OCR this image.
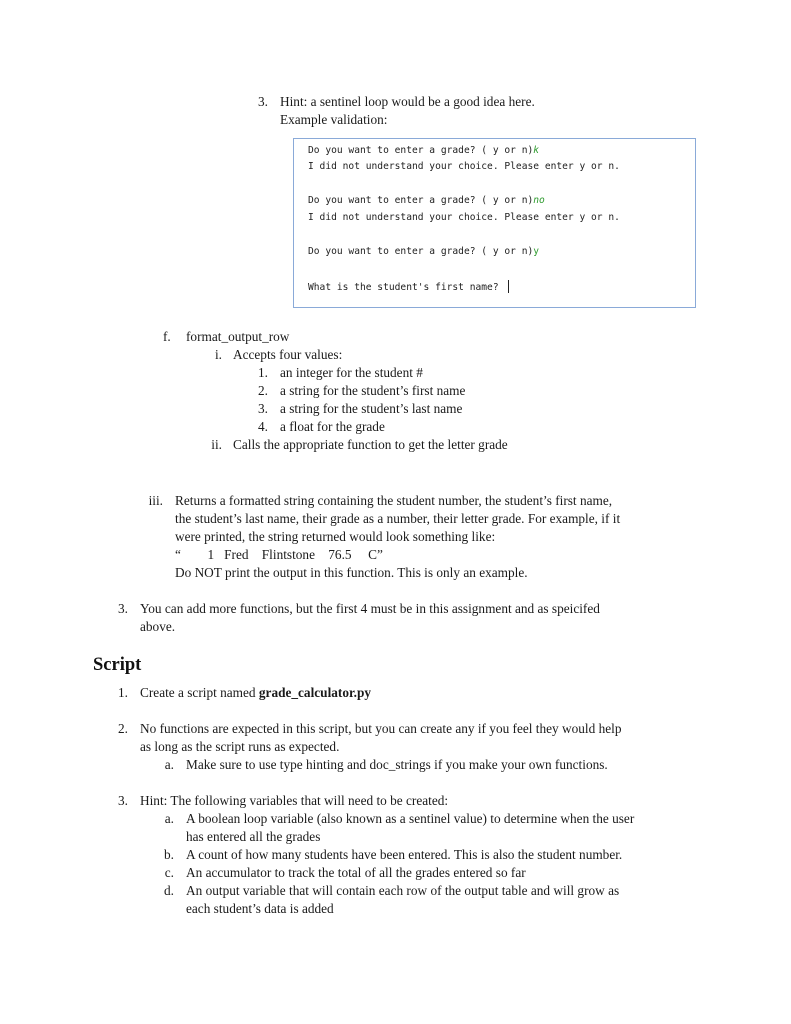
3. Hint: a sentinel loop would be a good idea here.
Example validation:
Do you want to enter a grade? ( y or n)k
I did not understand your choice. Please enter y or n.
Do you want to enter a grade? ( y or n)no
I did not understand your choice. Please enter y or n.
Do you want to enter a grade? ( y or n)y
What is the student's first name?
f. format_output_row
i. Accepts four values:
1. an integer for the student #
2. a string for the student’s first name
3. a string for the student’s last name
4. a float for the grade
ii. Calls the appropriate function to get the letter grade
iii. Returns a formatted string containing the student number, the student’s first name,
the student’s last name, their grade as a number, their letter grade. For example, if it
were printed, the string returned would look something like:
“        1   Fred    Flintstone    76.5     C”
Do NOT print the output in this function. This is only an example.
3. You can add more functions, but the first 4 must be in this assignment and as speicifed
above.
Script
1. Create a script named grade_calculator.py
2. No functions are expected in this script, but you can create any if you feel they would help
as long as the script runs as expected.
a. Make sure to use type hinting and doc_strings if you make your own functions.
3. Hint: The following variables that will need to be created:
a. A boolean loop variable (also known as a sentinel value) to determine when the user
has entered all the grades
b. A count of how many students have been entered. This is also the student number.
c. An accumulator to track the total of all the grades entered so far
d. An output variable that will contain each row of the output table and will grow as
each student’s data is added
